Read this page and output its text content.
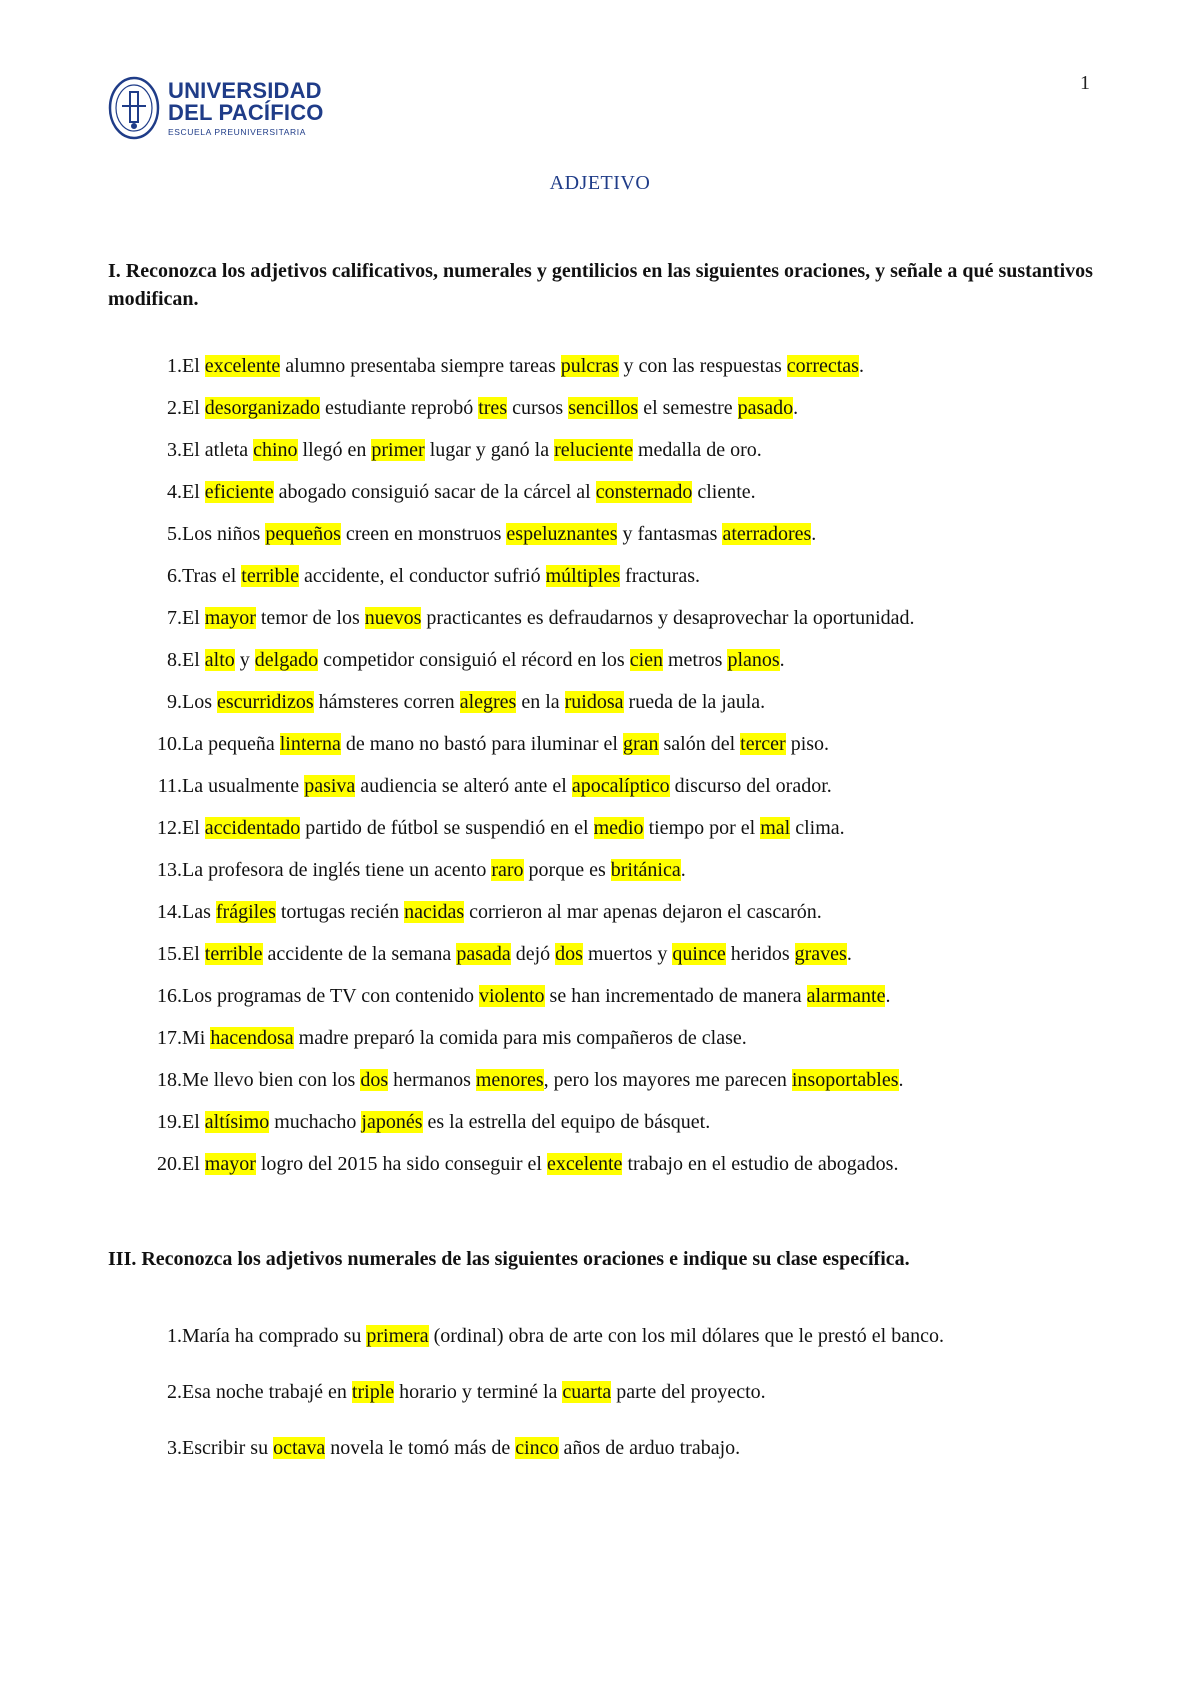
1
UNIVERSIDAD
DEL PACÍFICO
ESCUELA PREUNIVERSITARIA
ADJETIVO
I. Reconozca los adjetivos calificativos, numerales y gentilicios en las siguientes oraciones, y señale a qué sustantivos modifican.
1. El excelente alumno presentaba siempre tareas pulcras y con las respuestas correctas.
2. El desorganizado estudiante reprobó tres cursos sencillos el semestre pasado.
3. El atleta chino llegó en primer lugar y ganó la reluciente medalla de oro.
4. El eficiente abogado consiguió sacar de la cárcel al consternado cliente.
5. Los niños pequeños creen en monstruos espeluznantes y fantasmas aterradores.
6. Tras el terrible accidente, el conductor sufrió múltiples fracturas.
7. El mayor temor de los nuevos practicantes es defraudarnos y desaprovechar la oportunidad.
8. El alto y delgado competidor consiguió el récord en los cien metros planos.
9. Los escurridizos hámsteres corren alegres en la ruidosa rueda de la jaula.
10. La pequeña linterna de mano no bastó para iluminar el gran salón del tercer piso.
11. La usualmente pasiva audiencia se alteró ante el apocalíptico discurso del orador.
12. El accidentado partido de fútbol se suspendió en el medio tiempo por el mal clima.
13. La profesora de inglés tiene un acento raro porque es británica.
14. Las frágiles tortugas recién nacidas corrieron al mar apenas dejaron el cascarón.
15. El terrible accidente de la semana pasada dejó dos muertos y quince heridos graves.
16. Los programas de TV con contenido violento se han incrementado de manera alarmante.
17. Mi hacendosa madre preparó la comida para mis compañeros de clase.
18. Me llevo bien con los dos hermanos menores, pero los mayores me parecen insoportables.
19. El altísimo muchacho japonés es la estrella del equipo de básquet.
20. El mayor logro del 2015 ha sido conseguir el excelente trabajo en el estudio de abogados.
III. Reconozca los adjetivos numerales de las siguientes oraciones e indique su clase específica.
1. María ha comprado su primera (ordinal) obra de arte con los mil dólares que le prestó el banco.
2. Esa noche trabajé en triple horario y terminé la cuarta parte del proyecto.
3. Escribir su octava novela le tomó más de cinco años de arduo trabajo.
